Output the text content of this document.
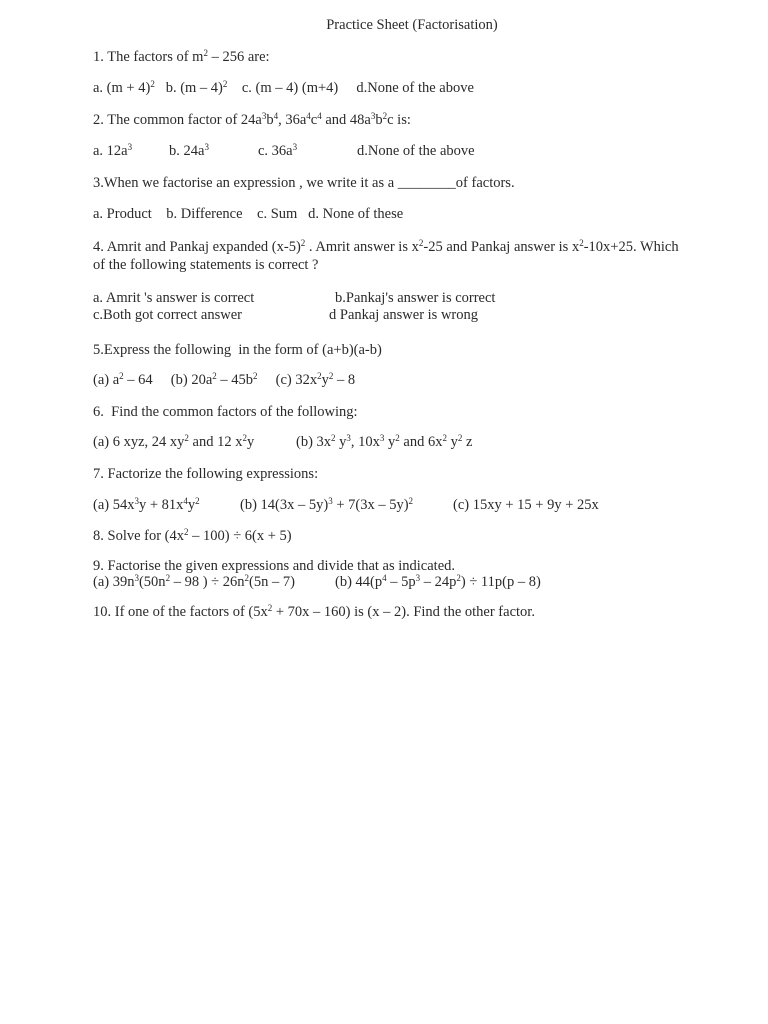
Practice Sheet (Factorisation)
1. The factors of $m^2 - 256$ are:
a. $(m + 4)^2$   b. (m – 4)$^2$    c. (m – 4) (m+4)     d.None of the above
2. The common factor of $24a^3b^4$, $36a^4c^4$ and $48a^3b^2c$ is:
a. $12a^3$	b. $24a^3$	c. $36a^3$	d.None of the above
3.When we factorise an expression , we write it as a ________of factors.
a. Product    b. Difference    c. Sum   d. None of these
4. Amrit and Pankaj expanded $(x-5)^2$ . Amrit answer is $x^2-25$ and Pankaj answer is $x^2-10x+25$. Which
of the following statements is correct ?
a. Amrit 's answer is correct	b.Pankaj's answer is correct
c.Both got correct answer	d Pankaj answer is wrong
5.Express the following  in the form of (a+b)(a-b)
(a) $a^2 - 64$     (b) $20a^2 - 45b^2$     (c) $32x^2y^2 - 8$
6.  Find the common factors of the following:
(a) 6 xyz, 24 $xy^2$ and 12 $x^2y$	(b) $3x^2$ $y^3$, $10x^3$ $y^2$ and $6x^2$ $y^2$ z
7. Factorize the following expressions:
(a) $54x^3y + 81x^4y^2$	(b) 14(3x – 5y)$^3$ + 7(3x – 5y)$^2$	(c) 15xy + 15 + 9y + 25x
8. Solve for $(4x^2 - 100) \div 6(x + 5)$
9. Factorise the given expressions and divide that as indicated.
(a) $39n^3(50n^2 - 98$ ) ÷ $26n^2(5n - 7)$	(b) $44(p^4 - 5p^3 - 24p^2) \div 11p(p - 8)$
10. If one of the factors of $(5x^2 + 70x - 160)$ is (x – 2). Find the other factor.
